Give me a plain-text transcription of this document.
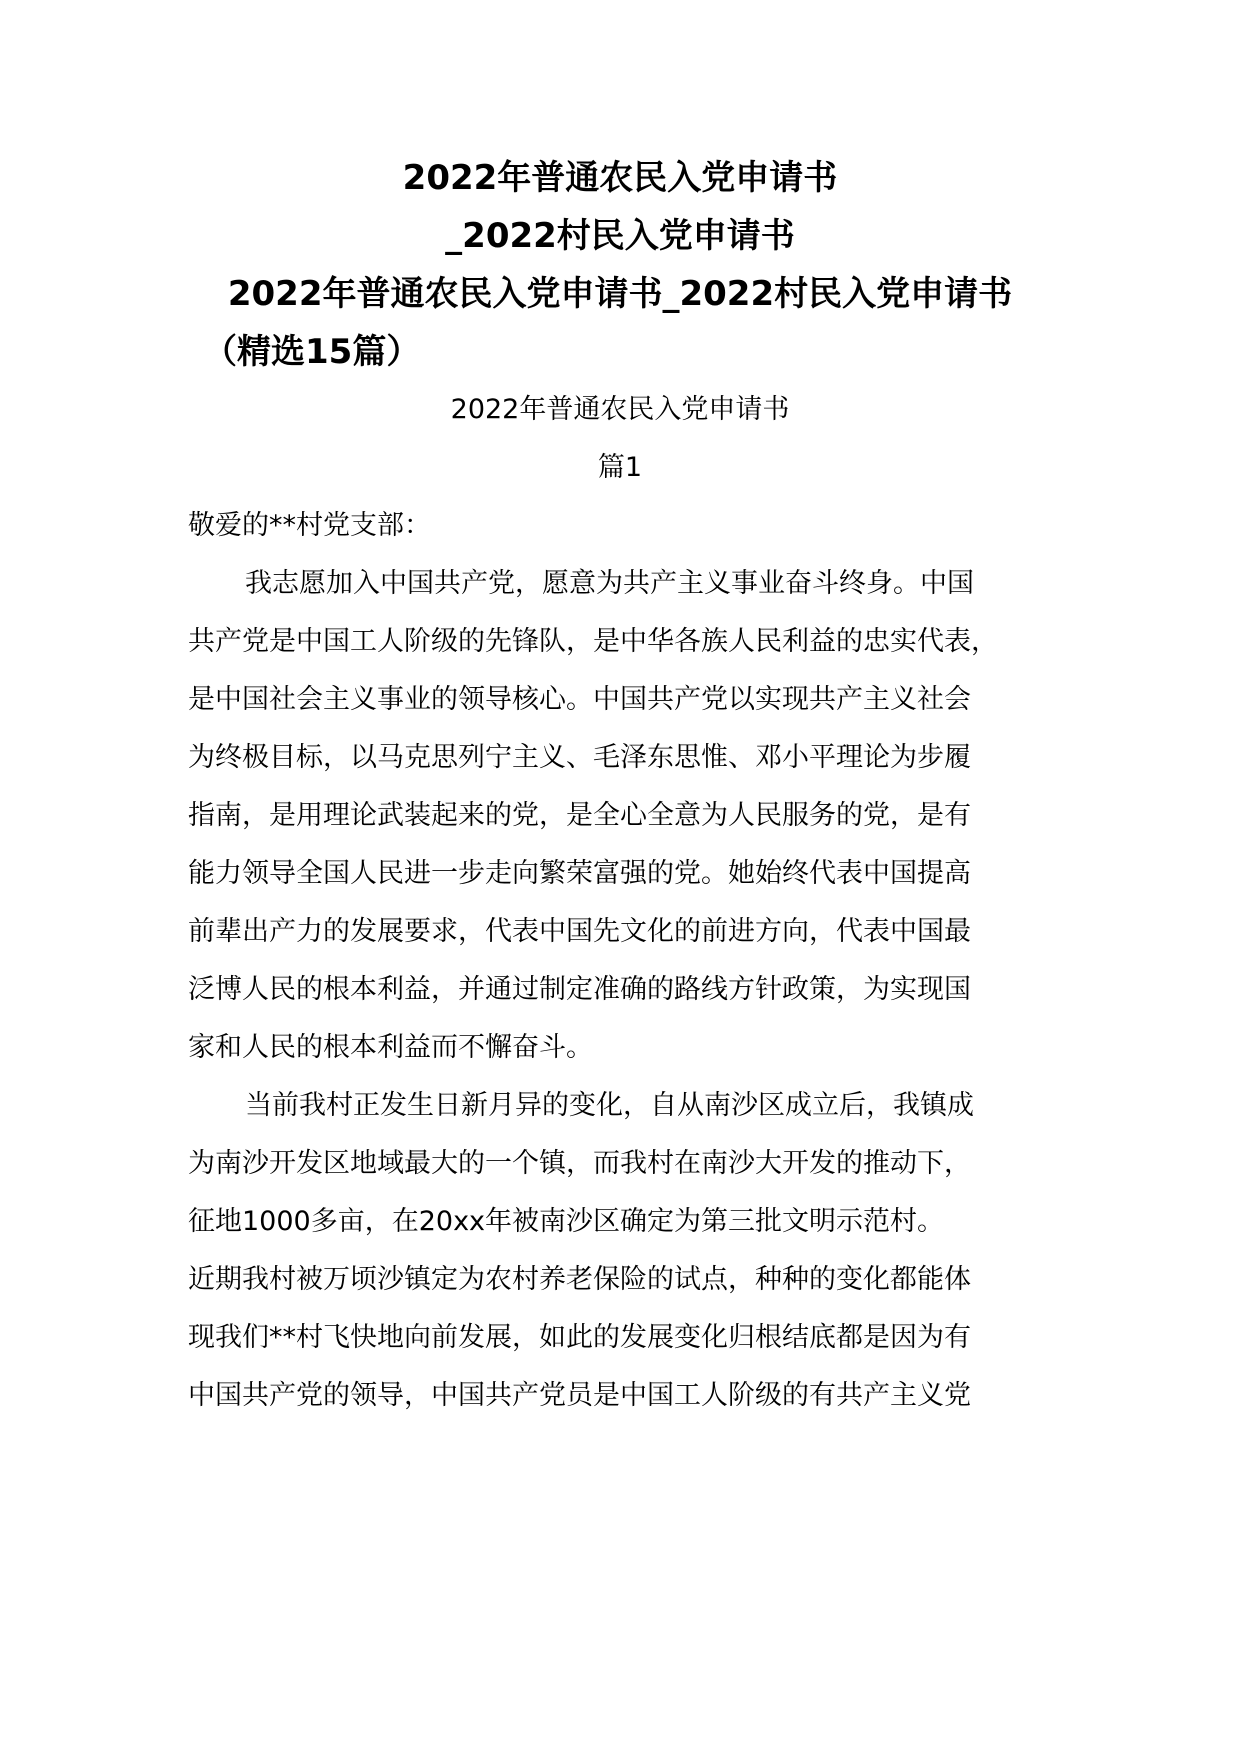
2022年普通农民入党申请书
_2022村民入党申请书
2022年普通农民入党申请书_2022村民入党申请书
（精选15篇）
2022年普通农民入党申请书
篇1
敬爱的**村党支部：
我志愿加入中国共产党，愿意为共产主义事业奋斗终身。中国
共产党是中国工人阶级的先锋队，是中华各族人民利益的忠实代表，
是中国社会主义事业的领导核心。中国共产党以实现共产主义社会
为终极目标，以马克思列宁主义、毛泽东思惟、邓小平理论为步履
指南，是用理论武装起来的党，是全心全意为人民服务的党，是有
能力领导全国人民进一步走向繁荣富强的党。她始终代表中国提高
前辈出产力的发展要求，代表中国先文化的前进方向，代表中国最
泛博人民的根本利益，并通过制定准确的路线方针政策，为实现国
家和人民的根本利益而不懈奋斗。
当前我村正发生日新月异的变化，自从南沙区成立后，我镇成
为南沙开发区地域最大的一个镇，而我村在南沙大开发的推动下，
征地1000多亩，在20xx年被南沙区确定为第三批文明示范村。
近期我村被万顷沙镇定为农村养老保险的试点，种种的变化都能体
现我们**村飞快地向前发展，如此的发展变化归根结底都是因为有
中国共产党的领导，中国共产党员是中国工人阶级的有共产主义党
